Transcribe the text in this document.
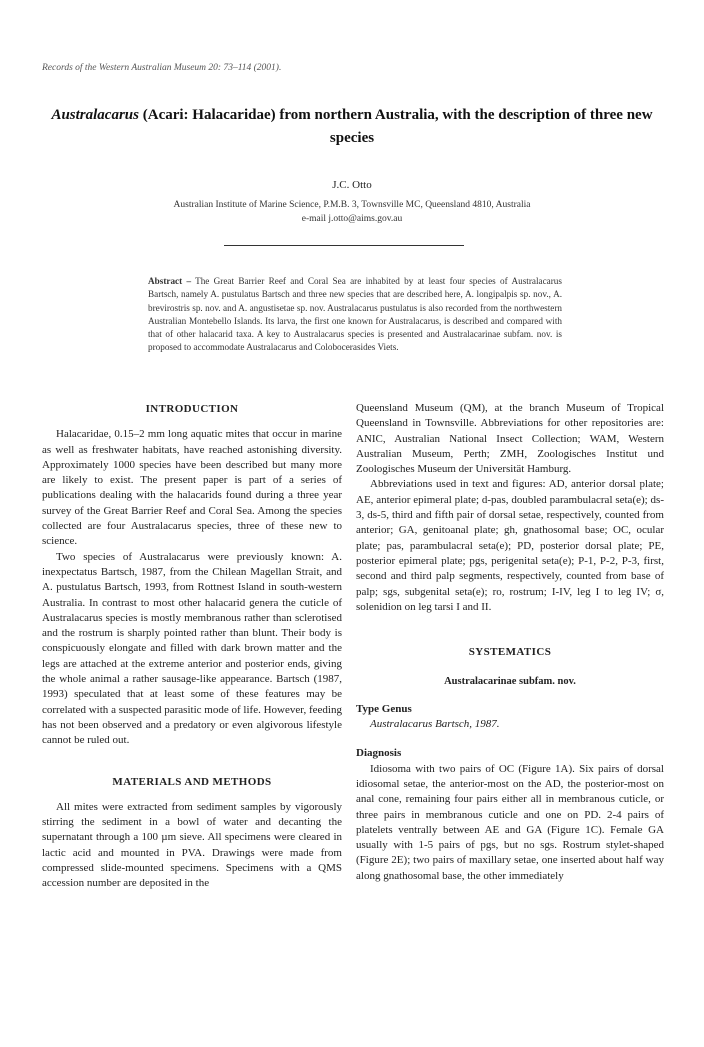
Records of the Western Australian Museum 20: 73–114 (2001).
Australacarus (Acari: Halacaridae) from northern Australia, with the description of three new species
J.C. Otto
Australian Institute of Marine Science, P.M.B. 3, Townsville MC, Queensland 4810, Australia
e-mail j.otto@aims.gov.au
Abstract – The Great Barrier Reef and Coral Sea are inhabited by at least four species of Australacarus Bartsch, namely A. pustulatus Bartsch and three new species that are described here, A. longipalpis sp. nov., A. brevirostris sp. nov. and A. angustisetae sp. nov. Australacarus pustulatus is also recorded from the northwestern Australian Montebello Islands. Its larva, the first one known for Australacarus, is described and compared with that of other halacarid taxa. A key to Australacarus species is presented and Australacarinae subfam. nov. is proposed to accommodate Australacarus and Colobocerasides Viets.
INTRODUCTION

Halacaridae, 0.15–2 mm long aquatic mites that occur in marine as well as freshwater habitats, have reached astonishing diversity. Approximately 1000 species have been described but many more are likely to exist. The present paper is part of a series of publications dealing with the halacarids found during a three year survey of the Great Barrier Reef and Coral Sea. Among the species collected are four Australacarus species, three of these new to science.

Two species of Australacarus were previously known: A. inexpectatus Bartsch, 1987, from the Chilean Magellan Strait, and A. pustulatus Bartsch, 1993, from Rottnest Island in south-western Australia. In contrast to most other halacarid genera the cuticle of Australacarus species is mostly membranous rather than sclerotised and the rostrum is sharply pointed rather than blunt. Their body is conspicuously elongate and filled with dark brown matter and the legs are attached at the extreme anterior and posterior ends, giving the whole animal a rather sausage-like appearance. Bartsch (1987, 1993) speculated that at least some of these features may be correlated with a suspected parasitic mode of life. However, feeding has not been observed and a predatory or even algivorous lifestyle cannot be ruled out.

MATERIALS AND METHODS

All mites were extracted from sediment samples by vigorously stirring the sediment in a bowl of water and decanting the supernatant through a 100 µm sieve. All specimens were cleared in lactic acid and mounted in PVA. Drawings were made from compressed slide-mounted specimens. Specimens with a QMS accession number are deposited in the

Queensland Museum (QM), at the branch Museum of Tropical Queensland in Townsville. Abbreviations for other repositories are: ANIC, Australian National Insect Collection; WAM, Western Australian Museum, Perth; ZMH, Zoologisches Institut und Zoologisches Museum der Universität Hamburg.

Abbreviations used in text and figures: AD, anterior dorsal plate; AE, anterior epimeral plate; d-pas, doubled parambulacral seta(e); ds-3, ds-5, third and fifth pair of dorsal setae, respectively, counted from anterior; GA, genitoanal plate; gh, gnathosomal base; OC, ocular plate; pas, parambulacral seta(e); PD, posterior dorsal plate; PE, posterior epimeral plate; pgs, perigenital seta(e); P-1, P-2, P-3, first, second and third palp segments, respectively, counted from base of palp; sgs, subgenital seta(e); ro, rostrum; I-IV, leg I to leg IV; σ, solenidion on leg tarsi I and II.

SYSTEMATICS
Australacarinae subfam. nov.
Type Genus
Australacarus Bartsch, 1987.
Diagnosis

Idiosoma with two pairs of OC (Figure 1A). Six pairs of dorsal idiosomal setae, the anterior-most on the AD, the posterior-most on anal cone, remaining four pairs either all in membranous cuticle, or three pairs in membranous cuticle and one on PD. 2-4 pairs of platelets ventrally between AE and GA (Figure 1C). Female GA usually with 1-5 pairs of pgs, but no sgs. Rostrum stylet-shaped (Figure 2E); two pairs of maxillary setae, one inserted about half way along gnathosomal base, the other immediately
